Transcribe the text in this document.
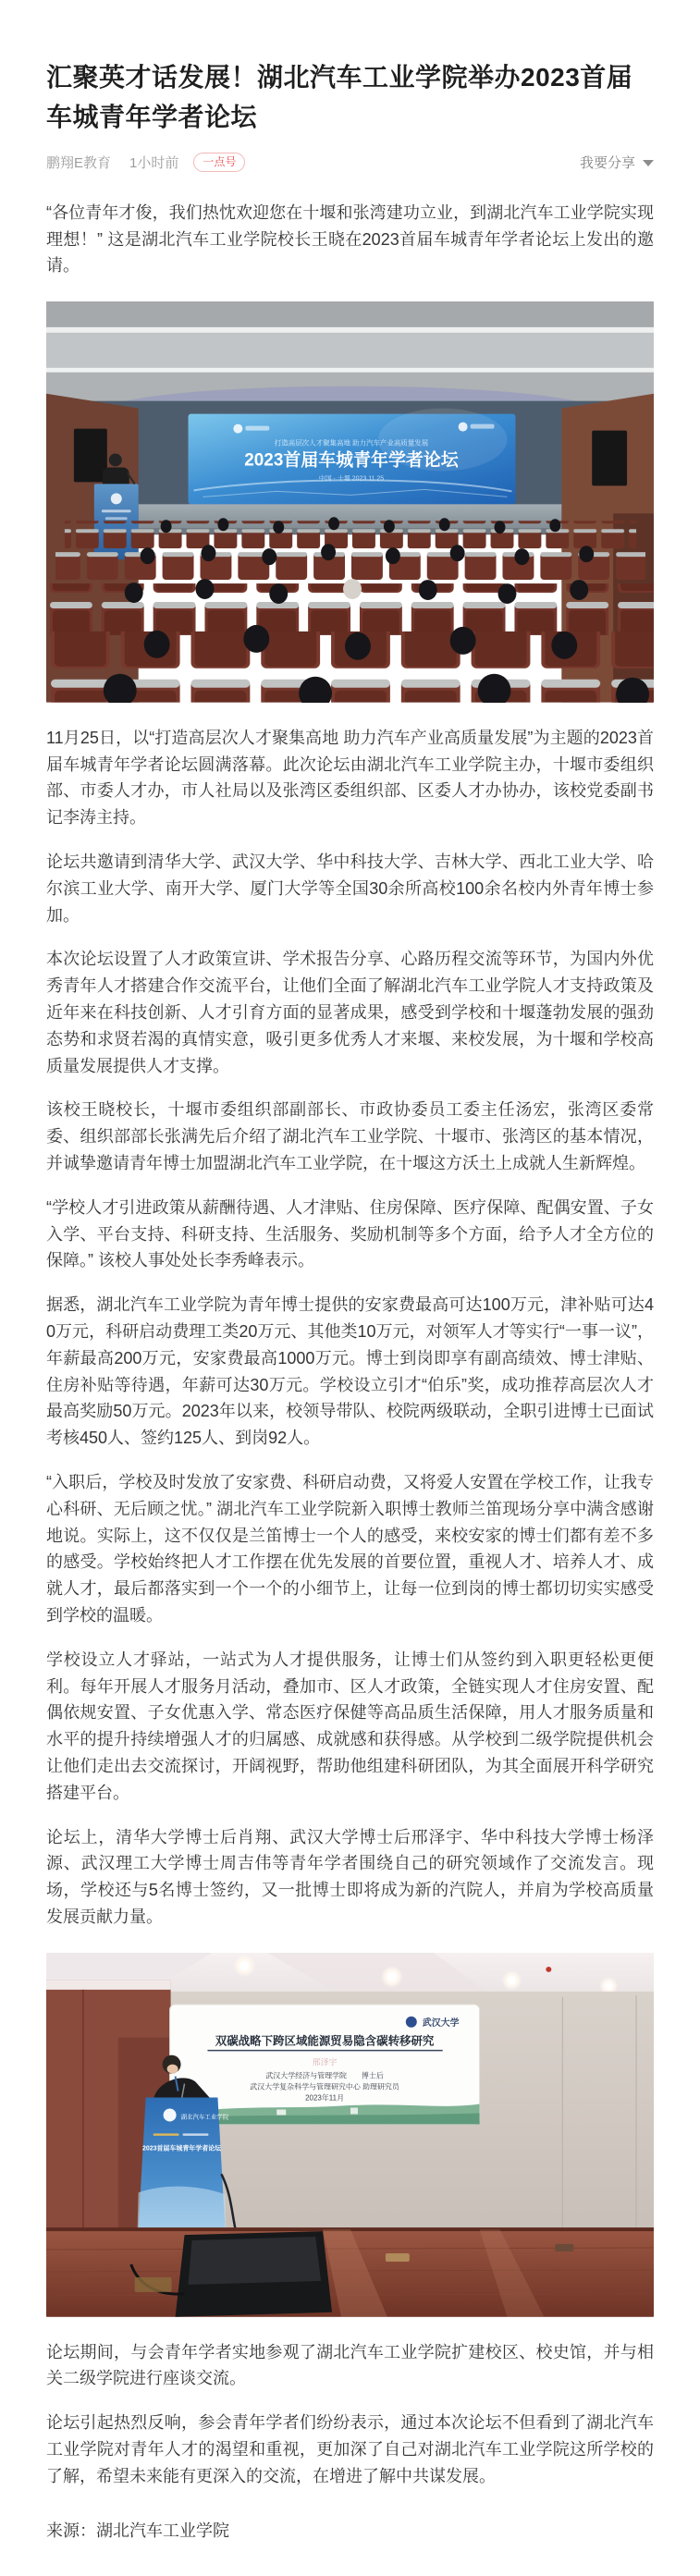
汇聚英才话发展！湖北汽车工业学院举办2023首届车城青年学者论坛
鹏翔E教育 1小时前	一点号	我要分享

“各位青年才俊，我们热忱欢迎您在十堰和张湾建功立业，到湖北汽车工业学院实现理想！” 这是湖北汽车工业学院校长王晓在2023首届车城青年学者论坛上发出的邀请。

打造高层次人才聚集高地 助力汽车产业高质量发展
2023首届车城青年学者论坛
中国 · 十堰 2023.11.25

11月25日，以“打造高层次人才聚集高地 助力汽车产业高质量发展”为主题的2023首届车城青年学者论坛圆满落幕。此次论坛由湖北汽车工业学院主办，十堰市委组织部、市委人才办，市人社局以及张湾区委组织部、区委人才办协办，该校党委副书记李涛主持。

论坛共邀请到清华大学、武汉大学、华中科技大学、吉林大学、西北工业大学、哈尔滨工业大学、南开大学、厦门大学等全国30余所高校100余名校内外青年博士参加。

本次论坛设置了人才政策宣讲、学术报告分享、心路历程交流等环节，为国内外优秀青年人才搭建合作交流平台，让他们全面了解湖北汽车工业学院人才支持政策及近年来在科技创新、人才引育方面的显著成果，感受到学校和十堰蓬勃发展的强劲态势和求贤若渴的真情实意，吸引更多优秀人才来堰、来校发展，为十堰和学校高质量发展提供人才支撑。

该校王晓校长，十堰市委组织部副部长、市政协委员工委主任汤宏，张湾区委常委、组织部部长张满先后介绍了湖北汽车工业学院、十堰市、张湾区的基本情况，并诚挚邀请青年博士加盟湖北汽车工业学院，在十堰这方沃土上成就人生新辉煌。

“学校人才引进政策从薪酬待遇、人才津贴、住房保障、医疗保障、配偶安置、子女入学、平台支持、科研支持、生活服务、奖励机制等多个方面，给予人才全方位的保障。” 该校人事处处长李秀峰表示。

据悉，湖北汽车工业学院为青年博士提供的安家费最高可达100万元，津补贴可达40万元，科研启动费理工类20万元、其他类10万元，对领军人才等实行“一事一议”，年薪最高200万元，安家费最高1000万元。博士到岗即享有副高绩效、博士津贴、住房补贴等待遇，年薪可达30万元。学校设立引才“伯乐”奖，成功推荐高层次人才最高奖励50万元。2023年以来，校领导带队、校院两级联动，全职引进博士已面试考核450人、签约125人、到岗92人。

“入职后，学校及时发放了安家费、科研启动费，又将爱人安置在学校工作，让我专心科研、无后顾之忧。” 湖北汽车工业学院新入职博士教师兰笛现场分享中满含感谢地说。实际上，这不仅仅是兰笛博士一个人的感受，来校安家的博士们都有差不多的感受。学校始终把人才工作摆在优先发展的首要位置，重视人才、培养人才、成就人才，最后都落实到一个一个的小细节上，让每一位到岗的博士都切切实实感受到学校的温暖。

学校设立人才驿站，一站式为人才提供服务，让博士们从签约到入职更轻松更便利。每年开展人才服务月活动，叠加市、区人才政策，全链实现人才住房安置、配偶依规安置、子女优惠入学、常态医疗保健等高品质生活保障，用人才服务质量和水平的提升持续增强人才的归属感、成就感和获得感。从学校到二级学院提供机会让他们走出去交流探讨，开阔视野，帮助他组建科研团队，为其全面展开科学研究搭建平台。

论坛上，清华大学博士后肖翔、武汉大学博士后邢泽宇、华中科技大学博士杨泽源、武汉理工大学博士周吉伟等青年学者围绕自己的研究领域作了交流发言。现场，学校还与5名博士签约，又一批博士即将成为新的汽院人，并肩为学校高质量发展贡献力量。

武汉大学
双碳战略下跨区域能源贸易隐含碳转移研究
邢泽宇
武汉大学经济与管理学院　　博士后
武汉大学复杂科学与管理研究中心 助理研究员
2023年11月
湖北汽车工业学院
2023首届车城青年学者论坛

论坛期间，与会青年学者实地参观了湖北汽车工业学院扩建校区、校史馆，并与相关二级学院进行座谈交流。

论坛引起热烈反响，参会青年学者们纷纷表示，通过本次论坛不但看到了湖北汽车工业学院对青年人才的渴望和重视，更加深了自己对湖北汽车工业学院这所学校的了解，希望未来能有更深入的交流，在增进了解中共谋发展。

来源：湖北汽车工业学院
